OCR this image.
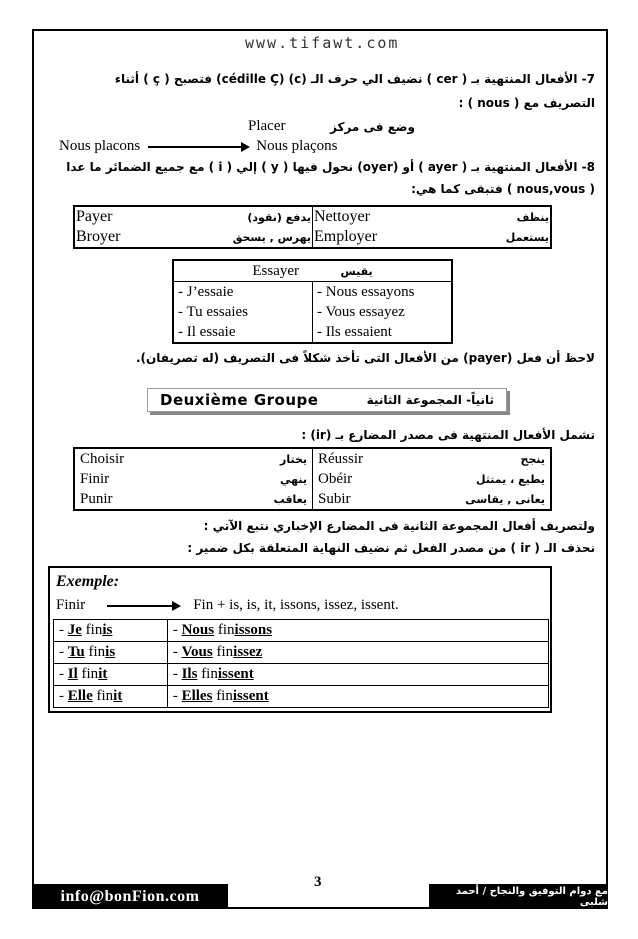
www.tifawt.com
7- الأفعال المنتهية بـ ( cer ) نضيف الي حرف الـ (c) (cédille Ç) فتصبح ( ç ) أثناء
التصريف مع ( nous ) :
Placer	وضع فى مركز
Nous placons	Nous plaçons
8- الأفعال المنتهية بـ ( ayer ) أو (oyer) نحول فيها ( y ) إلي ( i ) مع جميع الضمائر ما عدا
( nous,vous ) فتبقى كما هي:
Payer يدفع (نقود)	Nettoyer ينظف

Broyer يهرس , يسحق	Employer يستعمل
Essayer يقيس	
- J’essaie	- Nous essayons
- Tu essaies	- Vous essayez
- Il essaie	- Ils essaient
لاحظ أن فعل (payer) من الأفعال التى تأخذ شكلاً فى التصريف (له تصريفان).
Deuxième Groupe	ثانياً- المجموعة الثانية
تشمل الأفعال المنتهية فى مصدر المضارع بـ (ir) :
Choisir يختار	Réussir ينجح

Finir ينهي	Obéir يطيع ، يمتثل

Punir يعاقب	Subir يعانى , يقاسى
ولتصريف أفعال المجموعة الثانية فى المضارع الإخباري نتبع الآتي :
نحذف الـ ( ir ) من مصدر الفعل ثم نضيف النهاية المتعلقة بكل ضمير :
Exemple:
Finir	Fin + is, is, it, issons, issez, issent.
- Je finis	- Nous finissons
- Tu finis	- Vous finissez
- Il finit	- Ils finissent
- Elle finit	- Elles finissent
3
info@bonFion.com	مع دوام التوفيق والنجاح / أحمد شلبى
